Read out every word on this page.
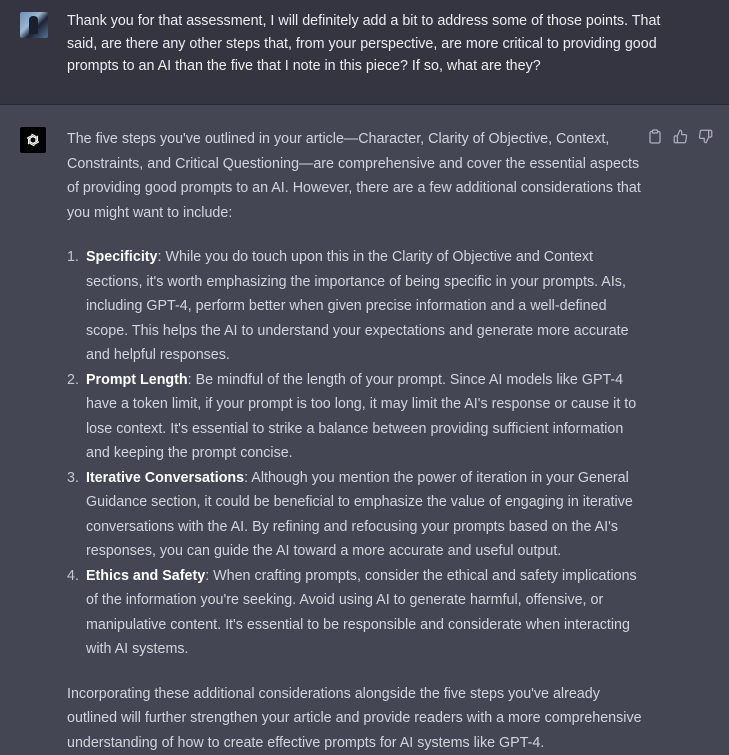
Thank you for that assessment, I will definitely add a bit to address some of those points. That said, are there any other steps that, from your perspective, are more critical to providing good prompts to an AI than the five that I note in this piece? If so, what are they?

The five steps you've outlined in your article—Character, Clarity of Objective, Context, Constraints, and Critical Questioning—are comprehensive and cover the essential aspects of providing good prompts to an AI. However, there are a few additional considerations that you might want to include:

1. Specificity: While you do touch upon this in the Clarity of Objective and Context sections, it's worth emphasizing the importance of being specific in your prompts. AIs, including GPT-4, perform better when given precise information and a well-defined scope. This helps the AI to understand your expectations and generate more accurate and helpful responses.
2. Prompt Length: Be mindful of the length of your prompt. Since AI models like GPT-4 have a token limit, if your prompt is too long, it may limit the AI's response or cause it to lose context. It's essential to strike a balance between providing sufficient information and keeping the prompt concise.
3. Iterative Conversations: Although you mention the power of iteration in your General Guidance section, it could be beneficial to emphasize the value of engaging in iterative conversations with the AI. By refining and refocusing your prompts based on the AI's responses, you can guide the AI toward a more accurate and useful output.
4. Ethics and Safety: When crafting prompts, consider the ethical and safety implications of the information you're seeking. Avoid using AI to generate harmful, offensive, or manipulative content. It's essential to be responsible and considerate when interacting with AI systems.

Incorporating these additional considerations alongside the five steps you've already outlined will further strengthen your article and provide readers with a more comprehensive understanding of how to create effective prompts for AI systems like GPT-4.
